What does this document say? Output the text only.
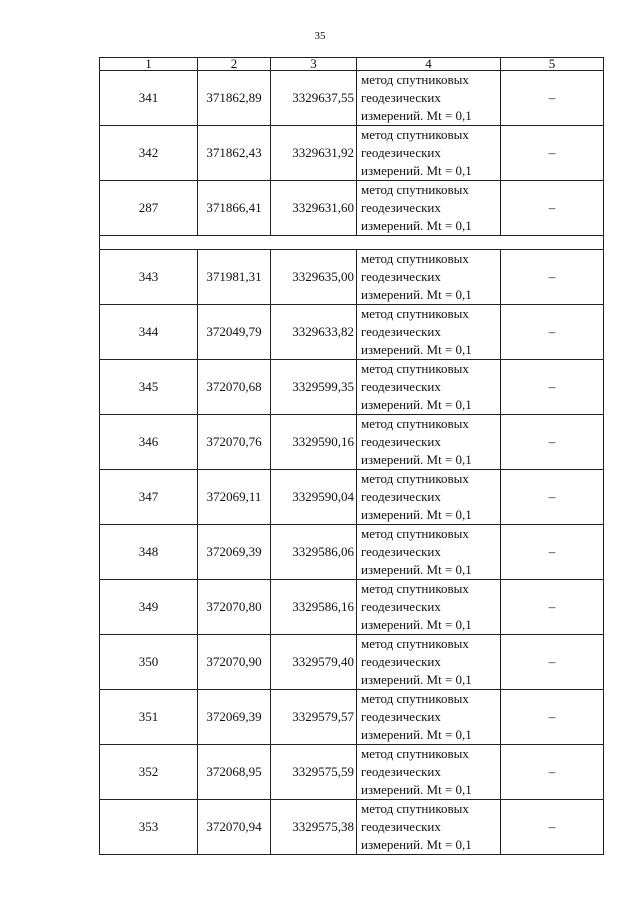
35
1	2	3	4	5
341	371862,89	3329637,55	метод спутниковых
геодезических
измерений. Mt = 0,1	–
342	371862,43	3329631,92	метод спутниковых
геодезических
измерений. Mt = 0,1	–
287	371866,41	3329631,60	метод спутниковых
геодезических
измерений. Mt = 0,1	–

343	371981,31	3329635,00	метод спутниковых
геодезических
измерений. Mt = 0,1	–
344	372049,79	3329633,82	метод спутниковых
геодезических
измерений. Mt = 0,1	–
345	372070,68	3329599,35	метод спутниковых
геодезических
измерений. Mt = 0,1	–
346	372070,76	3329590,16	метод спутниковых
геодезических
измерений. Mt = 0,1	–
347	372069,11	3329590,04	метод спутниковых
геодезических
измерений. Mt = 0,1	–
348	372069,39	3329586,06	метод спутниковых
геодезических
измерений. Mt = 0,1	–
349	372070,80	3329586,16	метод спутниковых
геодезических
измерений. Mt = 0,1	–
350	372070,90	3329579,40	метод спутниковых
геодезических
измерений. Mt = 0,1	–
351	372069,39	3329579,57	метод спутниковых
геодезических
измерений. Mt = 0,1	–
352	372068,95	3329575,59	метод спутниковых
геодезических
измерений. Mt = 0,1	–
353	372070,94	3329575,38	метод спутниковых
геодезических
измерений. Mt = 0,1	–
